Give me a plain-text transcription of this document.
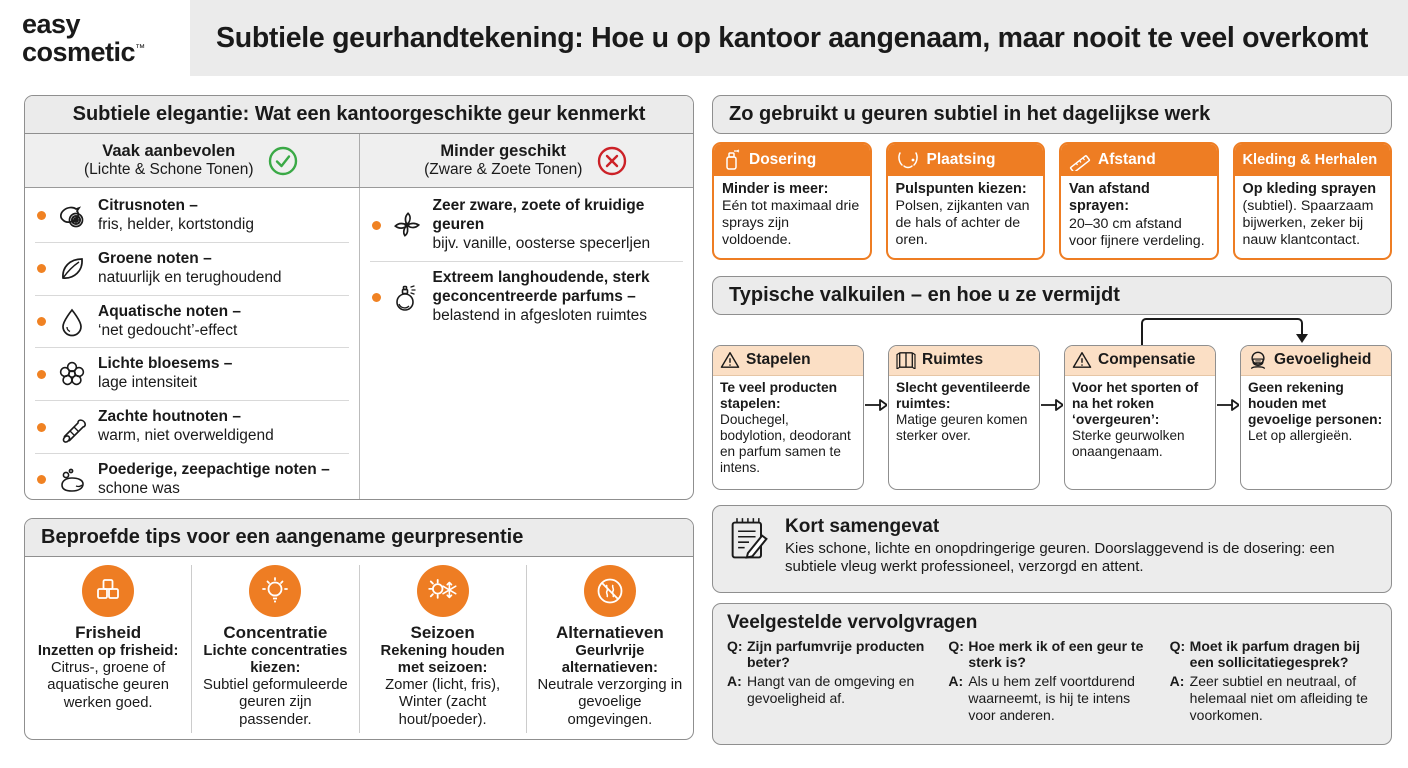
easy
cosmetic™	Subtiele geurhandtekening: Hoe u op kantoor aangenaam, maar nooit te veel overkomt
Subtiele elegantie: Wat een kantoorgeschikte geur kenmerkt
Vaak aanbevolen
(Lichte & Schone Tonen)
Minder geschikt
(Zware & Zoete Tonen)
Citrusnoten –
fris, helder, kortstondig
Groene noten –
natuurlijk en terughoudend
Aquatische noten –
‘net gedoucht’-effect
Lichte bloesems –
lage intensiteit
Zachte houtnoten –
warm, niet overweldigend
Poederige, zeepachtige noten –
schone was
Zeer zware, zoete of kruidige geuren
bijv. vanille, oosterse specerljen
Extreem langhoudende, sterk geconcentreerde parfums –
belastend in afgesloten ruimtes
Beproefde tips voor een aangename geurpresentie
Frisheid
Inzetten op frisheid:
Citrus-, groene of aquatische geuren werken goed.
Concentratie
Lichte concentraties kiezen:
Subtiel geformuleerde geuren zijn passender.
Seizoen
Rekening houden met seizoen:
Zomer (licht, fris), Winter (zacht hout/poeder).
Alternatieven
Geurlvrije alternatieven:
Neutrale verzorging in gevoelige omgevingen.
Zo gebruikt u geuren subtiel in het dagelijkse werk
Dosering
Minder is meer:
Eén tot maximaal drie sprays zijn voldoende.
Plaatsing
Pulspunten kiezen:
Polsen, zijkanten van de hals of achter de oren.
Afstand
Van afstand sprayen:
20–30 cm afstand voor fijnere verdeling.
Kleding & Herhalen
Op kleding sprayen (subtiel). Spaarzaam bijwerken, zeker bij nauw klantcontact.
Typische valkuilen – en hoe u ze vermijdt
Stapelen
Te veel producten stapelen:
Douchegel, bodylotion, deodorant en parfum samen te intens.
Ruimtes
Slecht geventileerde ruimtes:
Matige geuren komen sterker over.
Compensatie
Voor het sporten of na het roken ‘overgeuren’:
Sterke geurwolken onaangenaam.
Gevoeligheid
Geen rekening houden met gevoelige personen:
Let op allergieën.
Kort samengevat

Kies schone, lichte en onopdringerige geuren. Doorslaggevend is de dosering: een subtiele vleug werkt professioneel, verzorgd en attent.

Veelgestelde vervolgvragen
Q: Zijn parfumvrije producten beter?
A: Hangt van de omgeving en gevoeligheid af.
Q: Hoe merk ik of een geur te sterk is?
A: Als u hem zelf voortdurend waarneemt, is hij te intens voor anderen.
Q: Moet ik parfum dragen bij een sollicitatiegesprek?
A: Zeer subtiel en neutraal, of helemaal niet om afleiding te voorkomen.
